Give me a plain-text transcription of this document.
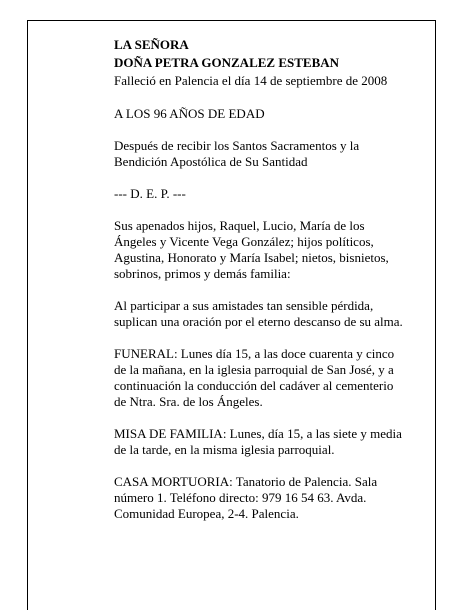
LA SEÑORA
DOÑA PETRA GONZALEZ ESTEBAN
Falleció en Palencia el día 14 de septiembre de 2008
A LOS 96 AÑOS DE EDAD
Después de recibir los Santos Sacramentos y la
Bendición Apostólica de Su Santidad
--- D. E. P. ---
Sus apenados hijos, Raquel, Lucio, María de los
Ángeles y Vicente Vega González; hijos políticos,
Agustina, Honorato y María Isabel; nietos, bisnietos,
sobrinos, primos y demás familia:
Al participar a sus amistades tan sensible pérdida,
suplican una oración por el eterno descanso de su alma.
FUNERAL: Lunes día 15, a las doce cuarenta y cinco
de la mañana, en la iglesia parroquial de San José, y a
continuación la conducción del cadáver al cementerio
de Ntra. Sra. de los Ángeles.
MISA DE FAMILIA: Lunes, día 15, a las siete y media
de la tarde, en la misma iglesia parroquial.
CASA MORTUORIA: Tanatorio de Palencia. Sala
número 1. Teléfono directo: 979 16 54 63. Avda.
Comunidad Europea, 2-4. Palencia.
